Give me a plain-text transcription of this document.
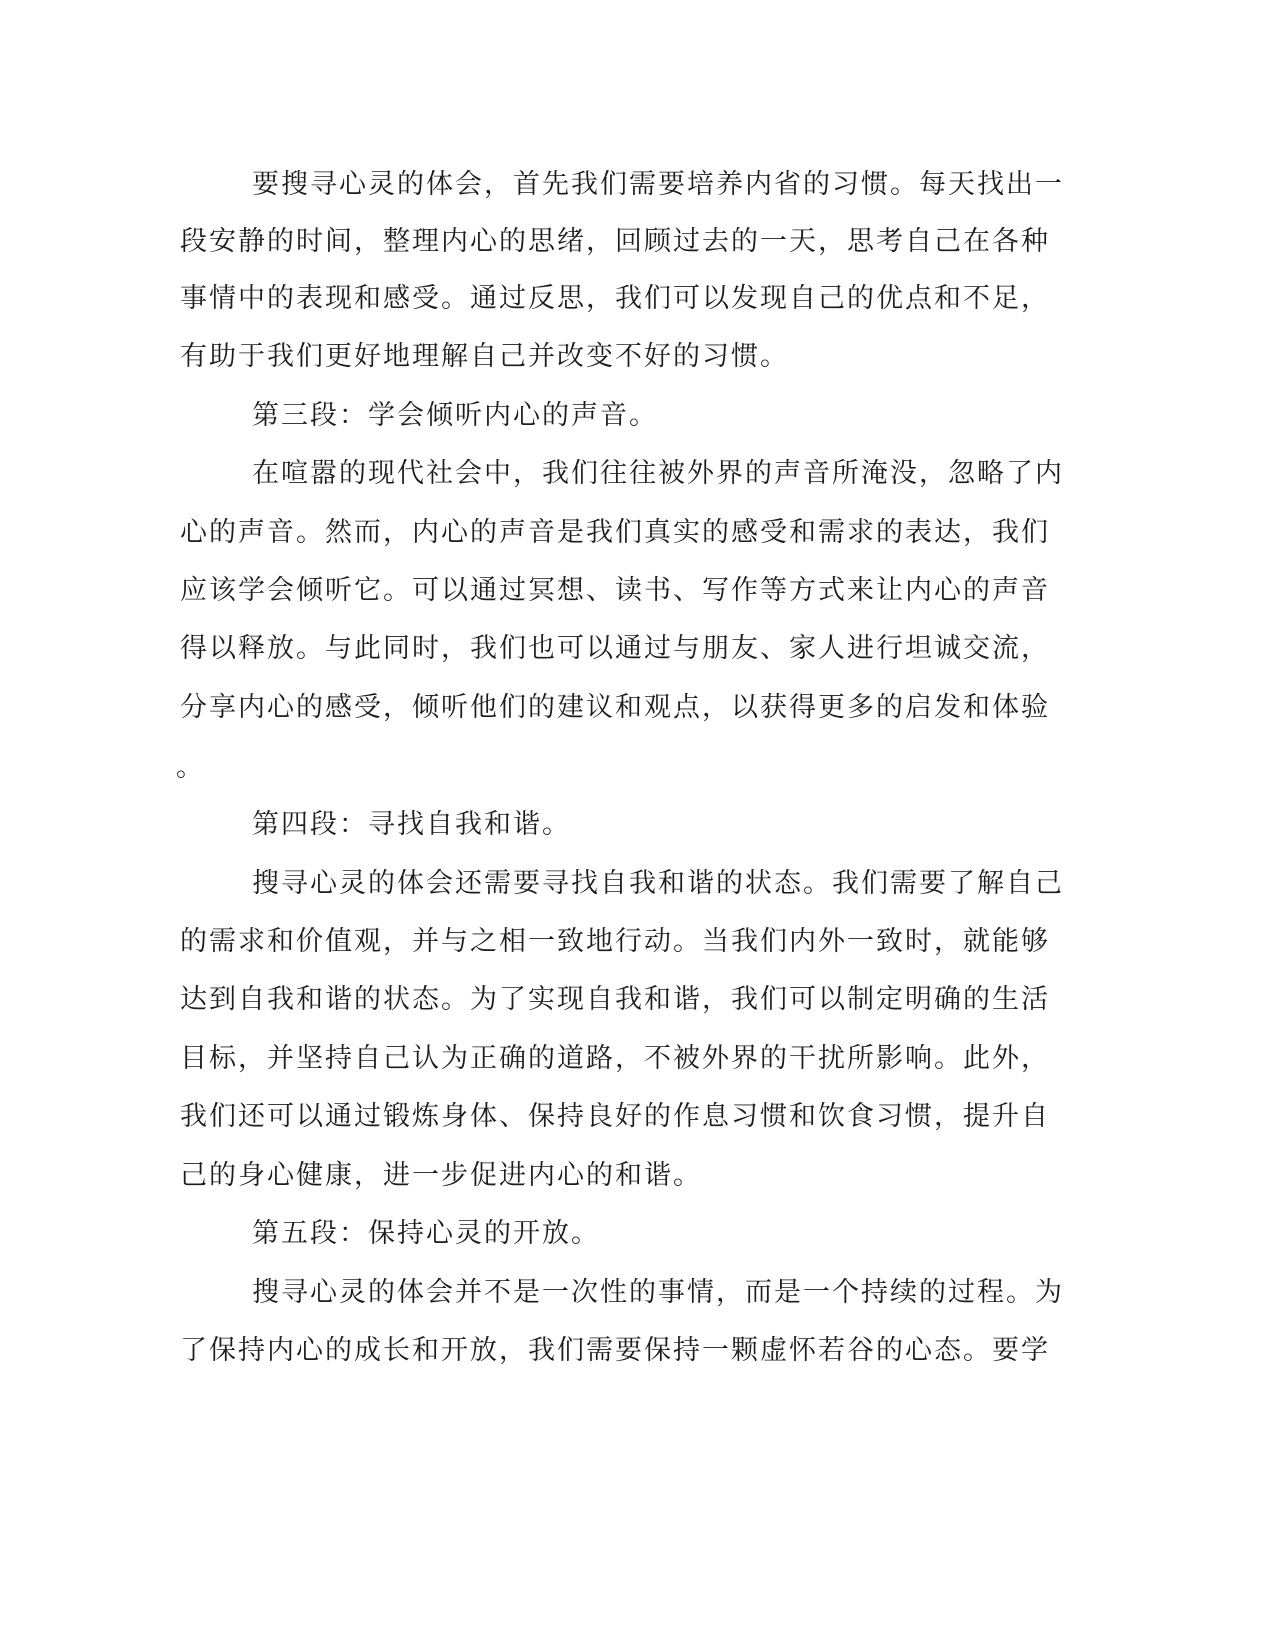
要搜寻心灵的体会，首先我们需要培养内省的习惯。每天找出一

段安静的时间，整理内心的思绪，回顾过去的一天，思考自己在各种

事情中的表现和感受。通过反思，我们可以发现自己的优点和不足，

有助于我们更好地理解自己并改变不好的习惯。

第三段：学会倾听内心的声音。

在喧嚣的现代社会中，我们往往被外界的声音所淹没，忽略了内

心的声音。然而，内心的声音是我们真实的感受和需求的表达，我们

应该学会倾听它。可以通过冥想、读书、写作等方式来让内心的声音

得以释放。与此同时，我们也可以通过与朋友、家人进行坦诚交流，

分享内心的感受，倾听他们的建议和观点，以获得更多的启发和体验

。

第四段：寻找自我和谐。

搜寻心灵的体会还需要寻找自我和谐的状态。我们需要了解自己

的需求和价值观，并与之相一致地行动。当我们内外一致时，就能够

达到自我和谐的状态。为了实现自我和谐，我们可以制定明确的生活

目标，并坚持自己认为正确的道路，不被外界的干扰所影响。此外，

我们还可以通过锻炼身体、保持良好的作息习惯和饮食习惯，提升自

己的身心健康，进一步促进内心的和谐。

第五段：保持心灵的开放。

搜寻心灵的体会并不是一次性的事情，而是一个持续的过程。为

了保持内心的成长和开放，我们需要保持一颗虚怀若谷的心态。要学
